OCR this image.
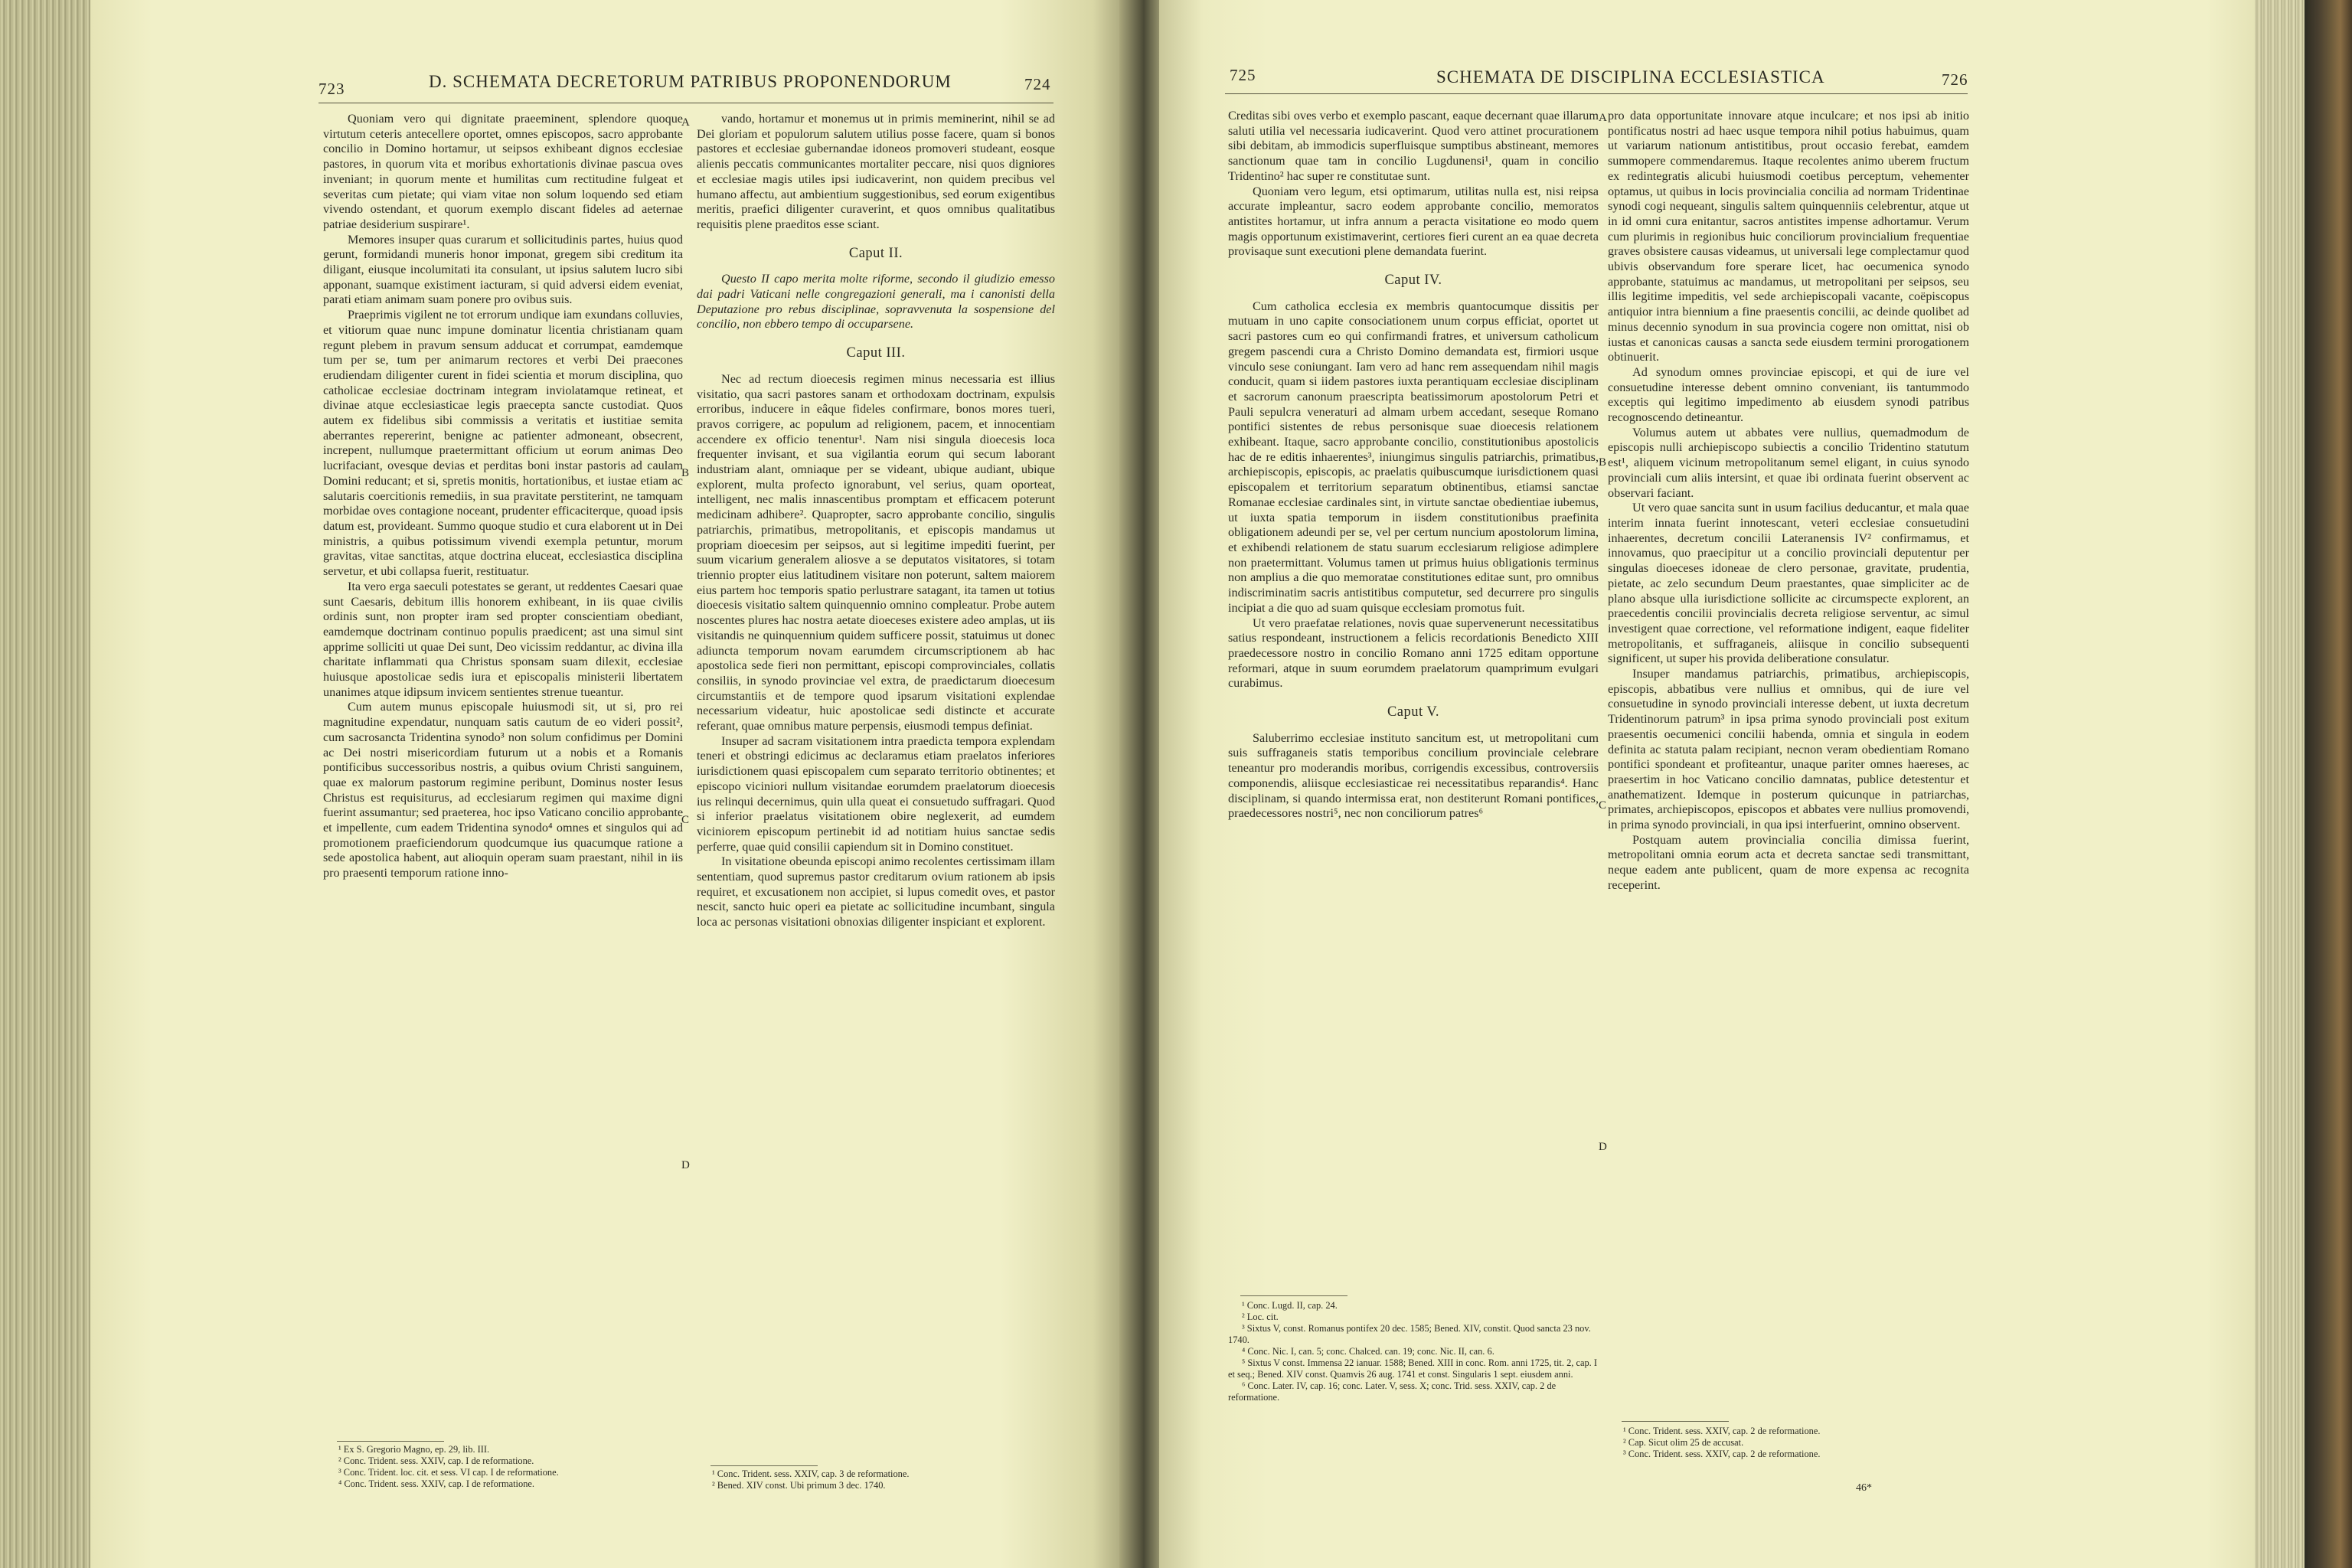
723	D. SCHEMATA DECRETORUM PATRIBUS PROPONENDORUM	724

Quoniam vero qui dignitate praeeminent, splendore quoque virtutum ceteris antecellere oportet, omnes episcopos, sacro approbante concilio in Domino hortamur, ut seipsos exhibeant dignos ecclesiae pastores, in quorum vita et moribus exhortationis divinae pascua oves inveniant; in quorum mente et humilitas cum rectitudine fulgeat et severitas cum pietate; qui viam vitae non solum loquendo sed etiam vivendo ostendant, et quorum exemplo discant fideles ad aeternae patriae desiderium suspirare¹.

Memores insuper quas curarum et sollicitudinis partes, huius quod gerunt, formidandi muneris honor imponat, gregem sibi creditum ita diligant, eiusque incolumitati ita consulant, ut ipsius salutem lucro sibi apponant, suamque existiment iacturam, si quid adversi eidem eveniat, parati etiam animam suam ponere pro ovibus suis.

Praeprimis vigilent ne tot errorum undique iam exundans colluvies, et vitiorum quae nunc impune dominatur licentia christianam quam regunt plebem in pravum sensum adducat et corrumpat, eamdemque tum per se, tum per animarum rectores et verbi Dei praecones erudiendam diligenter curent in fidei scientia et morum disciplina, quo catholicae ecclesiae doctrinam integram inviolatamque retineat, et divinae atque ecclesiasticae legis praecepta sancte custodiat. Quos autem ex fidelibus sibi commissis a veritatis et iustitiae semita aberrantes repererint, benigne ac patienter admoneant, obsecrent, increpent, nullumque praetermittant officium ut eorum animas Deo lucrifaciant, ovesque devias et perditas boni instar pastoris ad caulam Domini reducant; et si, spretis monitis, hortationibus, et iustae etiam ac salutaris coercitionis remediis, in sua pravitate perstiterint, ne tamquam morbidae oves contagione noceant, prudenter efficaciterque, quoad ipsis datum est, provideant. Summo quoque studio et cura elaborent ut in Dei ministris, a quibus potissimum vivendi exempla petuntur, morum gravitas, vitae sanctitas, atque doctrina eluceat, ecclesiastica disciplina servetur, et ubi collapsa fuerit, restituatur.

Ita vero erga saeculi potestates se gerant, ut reddentes Caesari quae sunt Caesaris, debitum illis honorem exhibeant, in iis quae civilis ordinis sunt, non propter iram sed propter conscientiam obediant, eamdemque doctrinam continuo populis praedicent; ast una simul sint apprime solliciti ut quae Dei sunt, Deo vicissim reddantur, ac divina illa charitate inflammati qua Christus sponsam suam dilexit, ecclesiae huiusque apostolicae sedis iura et episcopalis ministerii libertatem unanimes atque idipsum invicem sentientes strenue tueantur.

Cum autem munus episcopale huiusmodi sit, ut si, pro rei magnitudine expendatur, nunquam satis cautum de eo videri possit², cum sacrosancta Tridentina synodo³ non solum confidimus per Domini ac Dei nostri misericordiam futurum ut a nobis et a Romanis pontificibus successoribus nostris, a quibus ovium Christi sanguinem, quae ex malorum pastorum regimine peribunt, Dominus noster Iesus Christus est requisiturus, ad ecclesiarum regimen qui maxime digni fuerint assumantur; sed praeterea, hoc ipso Vaticano concilio approbante et impellente, cum eadem Tridentina synodo⁴ omnes et singulos qui ad promotionem praeficiendorum quodcumque ius quacumque ratione a sede apostolica habent, aut alioquin operam suam praestant, nihil in iis pro praesenti temporum ratione inno-

¹ Ex S. Gregorio Magno, ep. 29, lib. III.
² Conc. Trident. sess. XXIV, cap. I de reformatione.
³ Conc. Trident. loc. cit. et sess. VI cap. I de reformatione.
⁴ Conc. Trident. sess. XXIV, cap. I de reformatione.

vando, hortamur et monemus ut in primis meminerint, nihil se ad Dei gloriam et populorum salutem utilius posse facere, quam si bonos pastores et ecclesiae gubernandae idoneos promoveri studeant, eosque alienis peccatis communicantes mortaliter peccare, nisi quos digniores et ecclesiae magis utiles ipsi iudicaverint, non quidem precibus vel humano affectu, aut ambientium suggestionibus, sed eorum exigentibus meritis, praefici diligenter curaverint, et quos omnibus qualitatibus requisitis plene praeditos esse sciant.

Caput II.

Questo II capo merita molte riforme, secondo il giudizio emesso dai padri Vaticani nelle congregazioni generali, ma i canonisti della Deputazione pro rebus disciplinae, sopravvenuta la sospensione del concilio, non ebbero tempo di occuparsene.

Caput III.

Nec ad rectum dioecesis regimen minus necessaria est illius visitatio, qua sacri pastores sanam et orthodoxam doctrinam, expulsis erroribus, inducere in eâque fideles confirmare, bonos mores tueri, pravos corrigere, ac populum ad religionem, pacem, et innocentiam accendere ex officio tenentur¹. Nam nisi singula dioecesis loca frequenter invisant, et sua vigilantia eorum qui secum laborant industriam alant, omniaque per se videant, ubique audiant, ubique explorent, multa profecto ignorabunt, vel serius, quam oporteat, intelligent, nec malis innascentibus promptam et efficacem poterunt medicinam adhibere². Quapropter, sacro approbante concilio, singulis patriarchis, primatibus, metropolitanis, et episcopis mandamus ut propriam dioecesim per seipsos, aut si legitime impediti fuerint, per suum vicarium generalem aliosve a se deputatos visitatores, si totam triennio propter eius latitudinem visitare non poterunt, saltem maiorem eius partem hoc temporis spatio perlustrare satagant, ita tamen ut totius dioecesis visitatio saltem quinquennio omnino compleatur. Probe autem noscentes plures hac nostra aetate dioeceses existere adeo amplas, ut iis visitandis ne quinquennium quidem sufficere possit, statuimus ut donec adiuncta temporum novam earumdem circumscriptionem ab hac apostolica sede fieri non permittant, episcopi comprovinciales, collatis consiliis, in synodo provinciae vel extra, de praedictarum dioecesum circumstantiis et de tempore quod ipsarum visitationi explendae necessarium videatur, huic apostolicae sedi distincte et accurate referant, quae omnibus mature perpensis, eiusmodi tempus definiat.

Insuper ad sacram visitationem intra praedicta tempora explendam teneri et obstringi edicimus ac declaramus etiam praelatos inferiores iurisdictionem quasi episcopalem cum separato territorio obtinentes; et episcopo viciniori nullum visitandae eorumdem praelatorum dioecesis ius relinqui decernimus, quin ulla queat ei consuetudo suffragari. Quod si inferior praelatus visitationem obire neglexerit, ad eumdem viciniorem episcopum pertinebit id ad notitiam huius sanctae sedis perferre, quae quid consilii capiendum sit in Domino constituet.

In visitatione obeunda episcopi animo recolentes certissimam illam sententiam, quod supremus pastor creditarum ovium rationem ab ipsis requiret, et excusationem non accipiet, si lupus comedit oves, et pastor nescit, sancto huic operi ea pietate ac sollicitudine incumbant, singula loca ac personas visitationi obnoxias diligenter inspiciant et explorent.

¹ Conc. Trident. sess. XXIV, cap. 3 de reformatione.
² Bened. XIV const. Ubi primum 3 dec. 1740.
A
B
C
D
725	SCHEMATA DE DISCIPLINA ECCLESIASTICA	726

Creditas sibi oves verbo et exemplo pascant, eaque decernant quae illarum saluti utilia vel necessaria iudicaverint. Quod vero attinet procurationem sibi debitam, ab immodicis superfluisque sumptibus abstineant, memores sanctionum quae tam in concilio Lugdunensi¹, quam in concilio Tridentino² hac super re constitutae sunt.

Quoniam vero legum, etsi optimarum, utilitas nulla est, nisi reipsa accurate impleantur, sacro eodem approbante concilio, memoratos antistites hortamur, ut infra annum a peracta visitatione eo modo quem magis opportunum existimaverint, certiores fieri curent an ea quae decreta provisaque sunt executioni plene demandata fuerint.

Caput IV.

Cum catholica ecclesia ex membris quantocumque dissitis per mutuam in uno capite consociationem unum corpus efficiat, oportet ut sacri pastores cum eo qui confirmandi fratres, et universum catholicum gregem pascendi cura a Christo Domino demandata est, firmiori usque vinculo sese coniungant. Iam vero ad hanc rem assequendam nihil magis conducit, quam si iidem pastores iuxta perantiquam ecclesiae disciplinam et sacrorum canonum praescripta beatissimorum apostolorum Petri et Pauli sepulcra veneraturi ad almam urbem accedant, seseque Romano pontifici sistentes de rebus personisque suae dioecesis relationem exhibeant. Itaque, sacro approbante concilio, constitutionibus apostolicis hac de re editis inhaerentes³, iniungimus singulis patriarchis, primatibus, archiepiscopis, episcopis, ac praelatis quibuscumque iurisdictionem quasi episcopalem et territorium separatum obtinentibus, etiamsi sanctae Romanae ecclesiae cardinales sint, in virtute sanctae obedientiae iubemus, ut iuxta spatia temporum in iisdem constitutionibus praefinita obligationem adeundi per se, vel per certum nuncium apostolorum limina, et exhibendi relationem de statu suarum ecclesiarum religiose adimplere non praetermittant. Volumus tamen ut primus huius obligationis terminus non amplius a die quo memoratae constitutiones editae sunt, pro omnibus indiscriminatim sacris antistitibus computetur, sed decurrere pro singulis incipiat a die quo ad suam quisque ecclesiam promotus fuit.

Ut vero praefatae relationes, novis quae supervenerunt necessitatibus satius respondeant, instructionem a felicis recordationis Benedicto XIII praedecessore nostro in concilio Romano anni 1725 editam opportune reformari, atque in suum eorumdem praelatorum quamprimum evulgari curabimus.

Caput V.

Saluberrimo ecclesiae instituto sancitum est, ut metropolitani cum suis suffraganeis statis temporibus concilium provinciale celebrare teneantur pro moderandis moribus, corrigendis excessibus, controversiis componendis, aliisque ecclesiasticae rei necessitatibus reparandis⁴. Hanc disciplinam, si quando intermissa erat, non destiterunt Romani pontifices, praedecessores nostri⁵, nec non conciliorum patres⁶

¹ Conc. Lugd. II, cap. 24.
² Loc. cit.
³ Sixtus V, const. Romanus pontifex 20 dec. 1585; Bened. XIV, constit. Quod sancta 23 nov. 1740.
⁴ Conc. Nic. I, can. 5; conc. Chalced. can. 19; conc. Nic. II, can. 6.
⁵ Sixtus V const. Immensa 22 ianuar. 1588; Bened. XIII in conc. Rom. anni 1725, tit. 2, cap. I et seq.; Bened. XIV const. Quamvis 26 aug. 1741 et const. Singularis 1 sept. eiusdem anni.
⁶ Conc. Later. IV, cap. 16; conc. Later. V, sess. X; conc. Trid. sess. XXIV, cap. 2 de reformatione.

pro data opportunitate innovare atque inculcare; et nos ipsi ab initio pontificatus nostri ad haec usque tempora nihil potius habuimus, quam ut variarum nationum antistitibus, prout occasio ferebat, eamdem summopere commendaremus. Itaque recolentes animo uberem fructum ex redintegratis alicubi huiusmodi coetibus perceptum, vehementer optamus, ut quibus in locis provincialia concilia ad normam Tridentinae synodi cogi nequeant, singulis saltem quinquenniis celebrentur, atque ut in id omni cura enitantur, sacros antistites impense adhortamur. Verum cum plurimis in regionibus huic conciliorum provincialium frequentiae graves obsistere causas videamus, ut universali lege complectamur quod ubivis observandum fore sperare licet, hac oecumenica synodo approbante, statuimus ac mandamus, ut metropolitani per seipsos, seu illis legitime impeditis, vel sede archiepiscopali vacante, coëpiscopus antiquior intra biennium a fine praesentis concilii, ac deinde quolibet ad minus decennio synodum in sua provincia cogere non omittat, nisi ob iustas et canonicas causas a sancta sede eiusdem termini prorogationem obtinuerit.

Ad synodum omnes provinciae episcopi, et qui de iure vel consuetudine interesse debent omnino conveniant, iis tantummodo exceptis qui legitimo impedimento ab eiusdem synodi patribus recognoscendo detineantur.

Volumus autem ut abbates vere nullius, quemadmodum de episcopis nulli archiepiscopo subiectis a concilio Tridentino statutum est¹, aliquem vicinum metropolitanum semel eligant, in cuius synodo provinciali cum aliis intersint, et quae ibi ordinata fuerint observent ac observari faciant.

Ut vero quae sancita sunt in usum facilius deducantur, et mala quae interim innata fuerint innotescant, veteri ecclesiae consuetudini inhaerentes, decretum concilii Lateranensis IV² confirmamus, et innovamus, quo praecipitur ut a concilio provinciali deputentur per singulas dioeceses idoneae de clero personae, gravitate, prudentia, pietate, ac zelo secundum Deum praestantes, quae simpliciter ac de plano absque ulla iurisdictione sollicite ac circumspecte explorent, an praecedentis concilii provincialis decreta religiose serventur, ac simul investigent quae correctione, vel reformatione indigent, eaque fideliter metropolitanis, et suffraganeis, aliisque in concilio subsequenti significent, ut super his provida deliberatione consulatur.

Insuper mandamus patriarchis, primatibus, archiepiscopis, episcopis, abbatibus vere nullius et omnibus, qui de iure vel consuetudine in synodo provinciali interesse debent, ut iuxta decretum Tridentinorum patrum³ in ipsa prima synodo provinciali post exitum praesentis oecumenici concilii habenda, omnia et singula in eodem definita ac statuta palam recipiant, necnon veram obedientiam Romano pontifici spondeant et profiteantur, unaque pariter omnes haereses, ac praesertim in hoc Vaticano concilio damnatas, publice detestentur et anathematizent. Idemque in posterum quicunque in patriarchas, primates, archiepiscopos, episcopos et abbates vere nullius promovendi, in prima synodo provinciali, in qua ipsi interfuerint, omnino observent.

Postquam autem provincialia concilia dimissa fuerint, metropolitani omnia eorum acta et decreta sanctae sedi transmittant, neque eadem ante publicent, quam de more expensa ac recognita receperint.

¹ Conc. Trident. sess. XXIV, cap. 2 de reformatione.
² Cap. Sicut olim 25 de accusat.
³ Conc. Trident. sess. XXIV, cap. 2 de reformatione.
46*
A
B
C
D
